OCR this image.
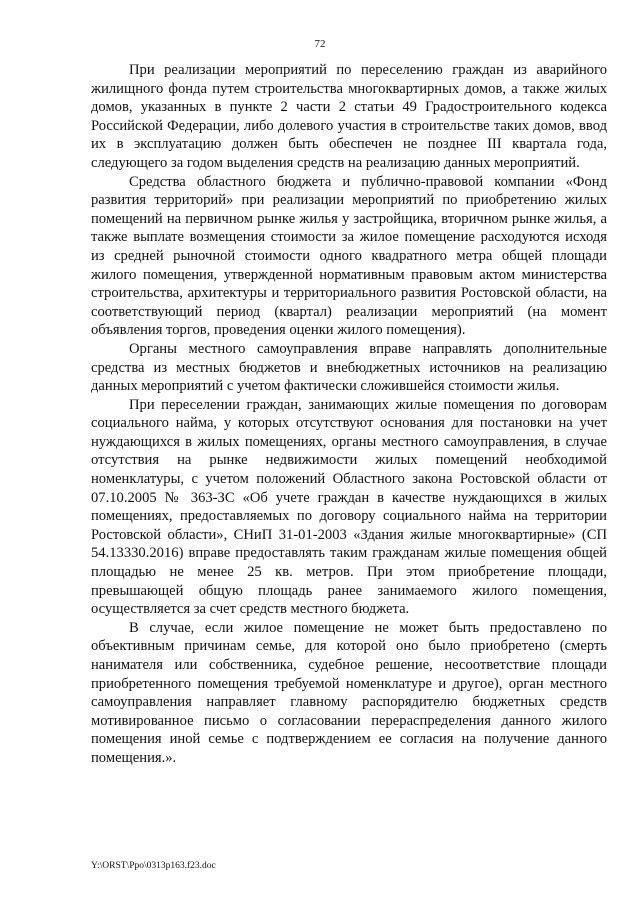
72

При реализации мероприятий по переселению граждан из аварийного жилищного фонда путем строительства многоквартирных домов, а также жилых домов, указанных в пункте 2 части 2 статьи 49 Градостроительного кодекса Российской Федерации, либо долевого участия в строительстве таких домов, ввод их в эксплуатацию должен быть обеспечен не позднее III квартала года, следующего за годом выделения средств на реализацию данных мероприятий.

Средства областного бюджета и публично-правовой компании «Фонд развития территорий» при реализации мероприятий по приобретению жилых помещений на первичном рынке жилья у застройщика, вторичном рынке жилья, а также выплате возмещения стоимости за жилое помещение расходуются исходя из средней рыночной стоимости одного квадратного метра общей площади жилого помещения, утвержденной нормативным правовым актом министерства строительства, архитектуры и территориального развития Ростовской области, на соответствующий период (квартал) реализации мероприятий (на момент объявления торгов, проведения оценки жилого помещения).

Органы местного самоуправления вправе направлять дополнительные средства из местных бюджетов и внебюджетных источников на реализацию данных мероприятий с учетом фактически сложившейся стоимости жилья.

При переселении граждан, занимающих жилые помещения по договорам социального найма, у которых отсутствуют основания для постановки на учет нуждающихся в жилых помещениях, органы местного самоуправления, в случае отсутствия на рынке недвижимости жилых помещений необходимой номенклатуры, с учетом положений Областного закона Ростовской области от 07.10.2005 № 363-ЗС «Об учете граждан в качестве нуждающихся в жилых помещениях, предоставляемых по договору социального найма на территории Ростовской области», СНиП 31-01-2003 «Здания жилые многоквартирные» (СП 54.13330.2016) вправе предоставлять таким гражданам жилые помещения общей площадью не менее 25 кв. метров. При этом приобретение площади, превышающей общую площадь ранее занимаемого жилого помещения, осуществляется за счет средств местного бюджета.

В случае, если жилое помещение не может быть предоставлено по объективным причинам семье, для которой оно было приобретено (смерть нанимателя или собственника, судебное решение, несоответствие площади приобретенного помещения требуемой номенклатуре и другое), орган местного самоуправления направляет главному распорядителю бюджетных средств мотивированное письмо о согласовании перераспределения данного жилого помещения иной семье с подтверждением ее согласия на получение данного помещения.».

Y:\ORST\Ppo\0313p163.f23.doc
